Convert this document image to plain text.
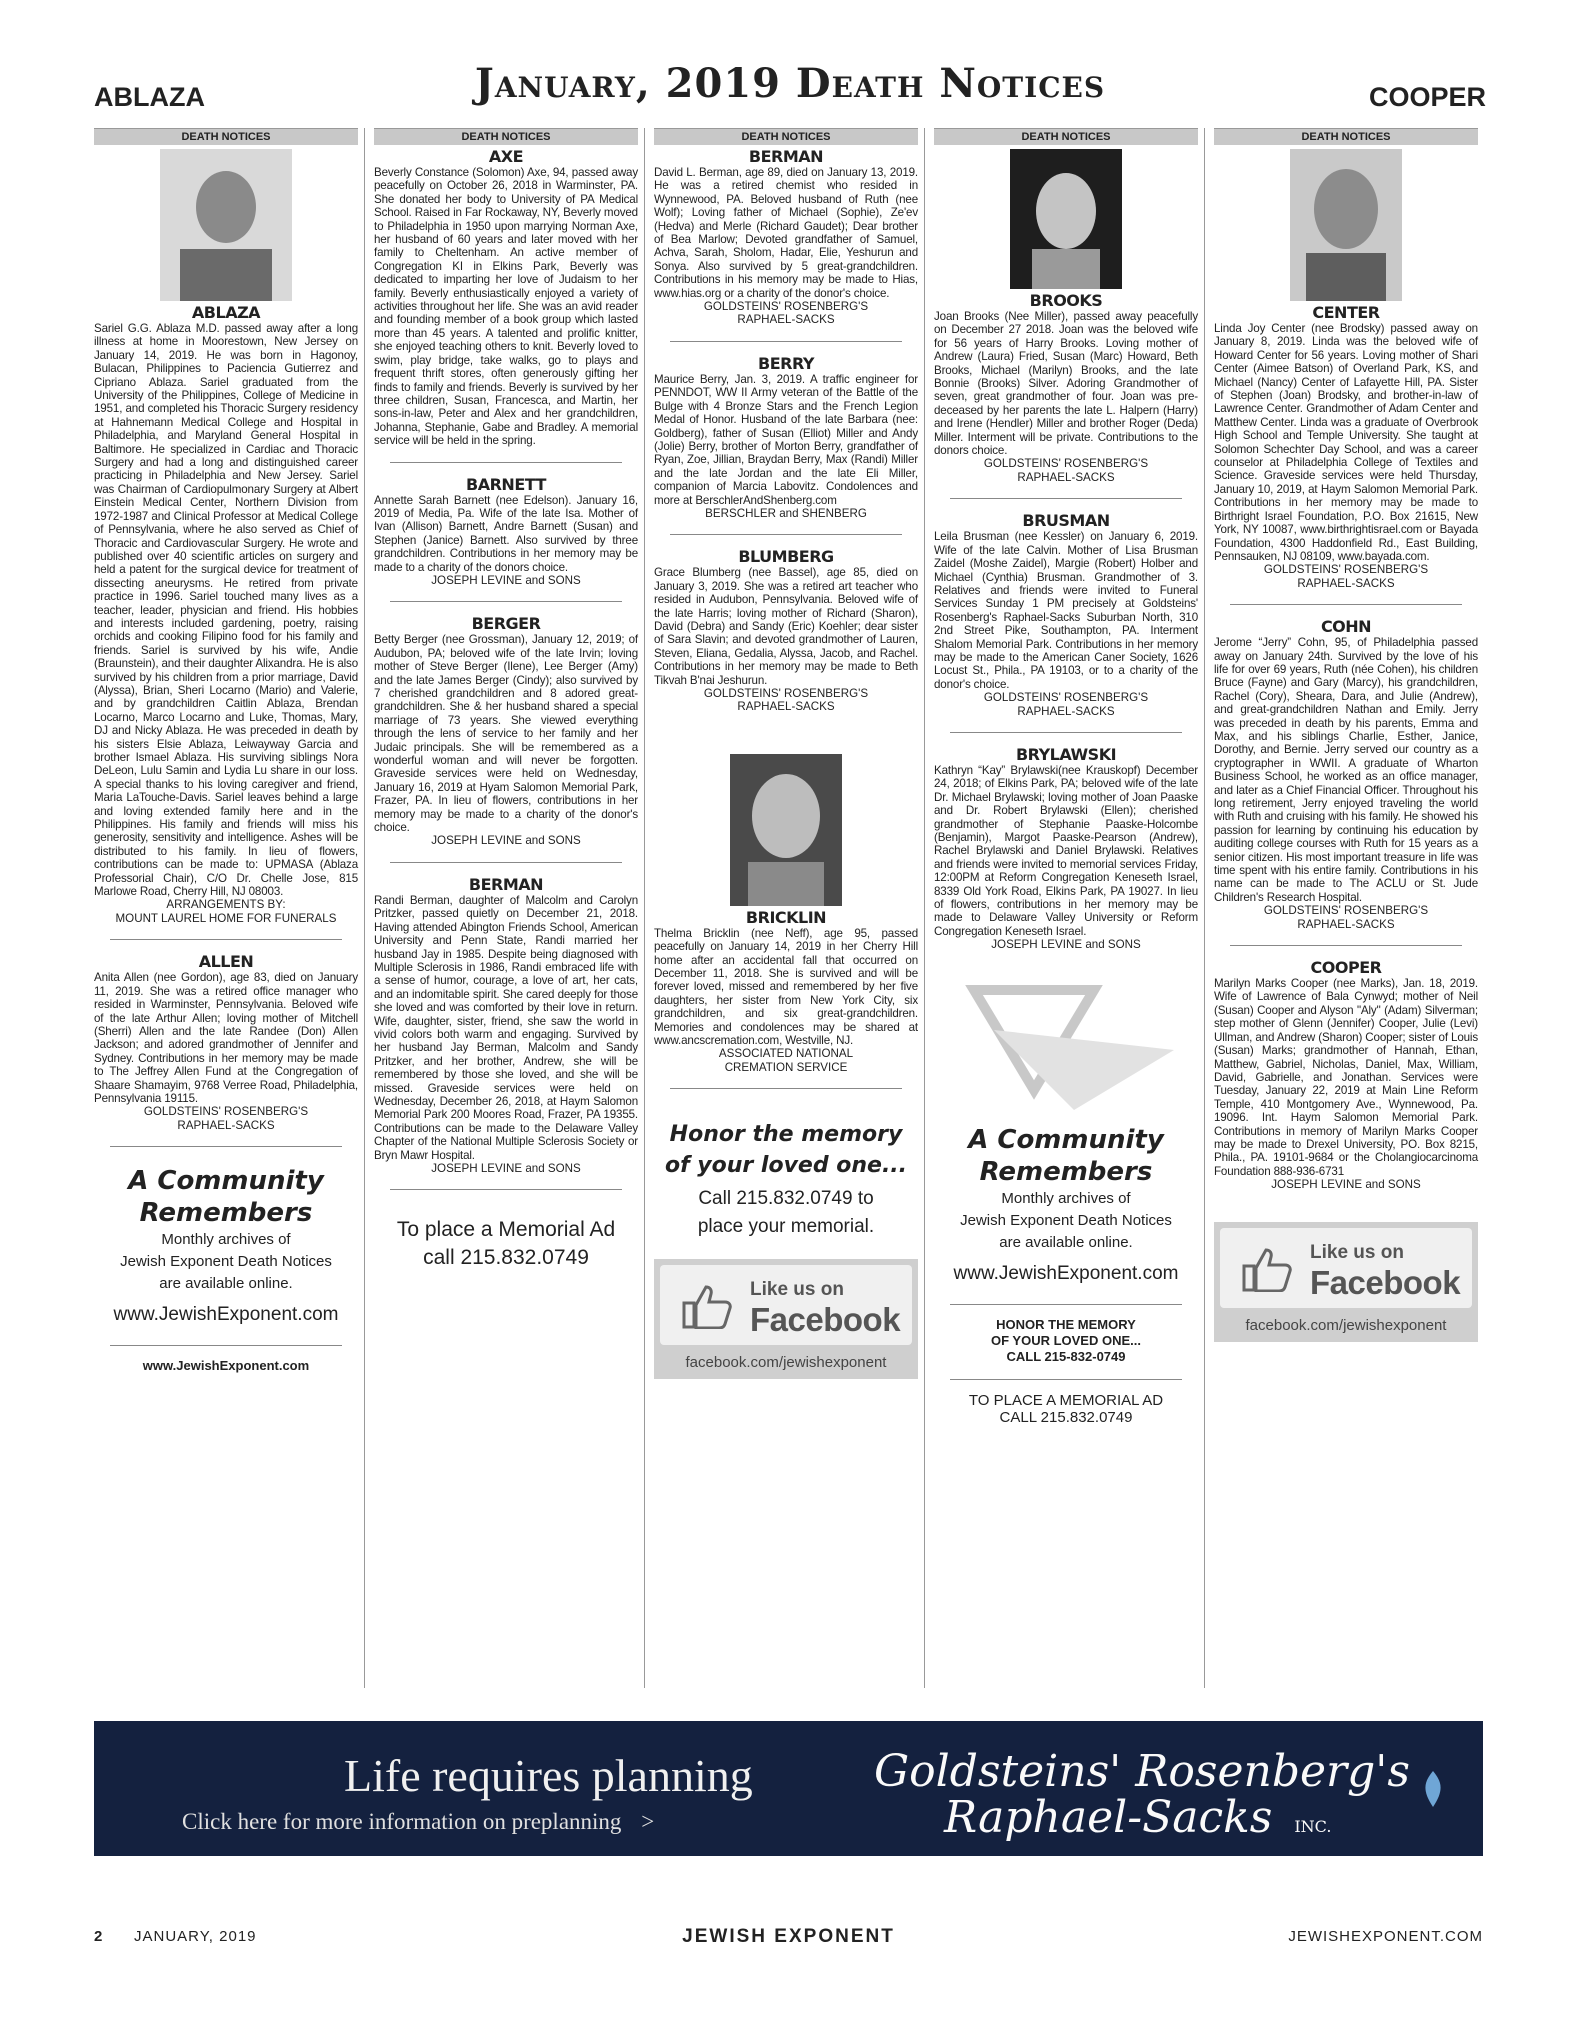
ABLAZA	January, 2019 Death Notices	COOPER
DEATH NOTICES
ABLAZA

Sariel G.G. Ablaza M.D. passed away after a long illness at home in Moorestown, New Jersey on January 14, 2019. He was born in Hagonoy, Bulacan, Philippines to Paciencia Gutierrez and Cipriano Ablaza. Sariel graduated from the University of the Philippines, College of Medicine in 1951, and completed his Thoracic Surgery residency at Hahnemann Medical College and Hospital in Philadelphia, and Maryland General Hospital in Baltimore. He specialized in Cardiac and Thoracic Surgery and had a long and distinguished career practicing in Philadelphia and New Jersey. Sariel was Chairman of Cardiopulmonary Surgery at Albert Einstein Medical Center, Northern Division from 1972-1987 and Clinical Professor at Medical College of Pennsylvania, where he also served as Chief of Thoracic and Cardiovascular Surgery. He wrote and published over 40 scientific articles on surgery and held a patent for the surgical device for treatment of dissecting aneurysms. He retired from private practice in 1996. Sariel touched many lives as a teacher, leader, physician and friend. His hobbies and interests included gardening, poetry, raising orchids and cooking Filipino food for his family and friends. Sariel is survived by his wife, Andie (Braunstein), and their daughter Alixandra. He is also survived by his children from a prior marriage, David (Alyssa), Brian, Sheri Locarno (Mario) and Valerie, and by grandchildren Caitlin Ablaza, Brendan Locarno, Marco Locarno and Luke, Thomas, Mary, DJ and Nicky Ablaza. He was preceded in death by his sisters Elsie Ablaza, Leiwayway Garcia and brother Ismael Ablaza. His surviving siblings Nora DeLeon, Lulu Samin and Lydia Lu share in our loss. A special thanks to his loving caregiver and friend, Maria LaTouche-Davis. Sariel leaves behind a large and loving extended family here and in the Philippines. His family and friends will miss his generosity, sensitivity and intelligence. Ashes will be distributed to his family. In lieu of flowers, contributions can be made to: UPMASA (Ablaza Professorial Chair), C/O Dr. Chelle Jose, 815 Marlowe Road, Cherry Hill, NJ 08003.

ARRANGEMENTS BY:

MOUNT LAUREL HOME FOR FUNERALS

ALLEN

Anita Allen (nee Gordon), age 83, died on January 11, 2019. She was a retired office manager who resided in Warminster, Pennsylvania. Beloved wife of the late Arthur Allen; loving mother of Mitchell (Sherri) Allen and the late Randee (Don) Allen Jackson; and adored grandmother of Jennifer and Sydney. Contributions in her memory may be made to The Jeffrey Allen Fund at the Congregation of Shaare Shamayim, 9768 Verree Road, Philadelphia, Pennsylvania 19115.

GOLDSTEINS' ROSENBERG'S

RAPHAEL-SACKS

A Community
Remembers
Monthly archives of
Jewish Exponent Death Notices
are available online.
www.JewishExponent.com
www.JewishExponent.com
DEATH NOTICES
AXE

Beverly Constance (Solomon) Axe, 94, passed away peacefully on October 26, 2018 in Warminster, PA. She donated her body to University of PA Medical School. Raised in Far Rockaway, NY, Beverly moved to Philadelphia in 1950 upon marrying Norman Axe, her husband of 60 years and later moved with her family to Cheltenham. An active member of Congregation KI in Elkins Park, Beverly was dedicated to imparting her love of Judaism to her family. Beverly enthusiastically enjoyed a variety of activities throughout her life. She was an avid reader and founding member of a book group which lasted more than 45 years. A talented and prolific knitter, she enjoyed teaching others to knit. Beverly loved to swim, play bridge, take walks, go to plays and frequent thrift stores, often generously gifting her finds to family and friends. Beverly is survived by her three children, Susan, Francesca, and Martin, her sons-in-law, Peter and Alex and her grandchildren, Johanna, Stephanie, Gabe and Bradley. A memorial service will be held in the spring.

BARNETT

Annette Sarah Barnett (nee Edelson). January 16, 2019 of Media, Pa. Wife of the late Isa. Mother of Ivan (Allison) Barnett, Andre Barnett (Susan) and Stephen (Janice) Barnett. Also survived by three grandchildren. Contributions in her memory may be made to a charity of the donors choice.

JOSEPH LEVINE and SONS

BERGER

Betty Berger (nee Grossman), January 12, 2019; of Audubon, PA; beloved wife of the late Irvin; loving mother of Steve Berger (Ilene), Lee Berger (Amy) and the late James Berger (Cindy); also survived by 7 cherished grandchildren and 8 adored great-grandchildren. She & her husband shared a special marriage of 73 years. She viewed everything through the lens of service to her family and her Judaic principals. She will be remembered as a wonderful woman and will never be forgotten. Graveside services were held on Wednesday, January 16, 2019 at Hyam Salomon Memorial Park, Frazer, PA. In lieu of flowers, contributions in her memory may be made to a charity of the donor's choice.

JOSEPH LEVINE and SONS

BERMAN

Randi Berman, daughter of Malcolm and Carolyn Pritzker, passed quietly on December 21, 2018. Having attended Abington Friends School, American University and Penn State, Randi married her husband Jay in 1985. Despite being diagnosed with Multiple Sclerosis in 1986, Randi embraced life with a sense of humor, courage, a love of art, her cats, and an indomitable spirit. She cared deeply for those she loved and was comforted by their love in return. Wife, daughter, sister, friend, she saw the world in vivid colors both warm and engaging. Survived by her husband Jay Berman, Malcolm and Sandy Pritzker, and her brother, Andrew, she will be remembered by those she loved, and she will be missed. Graveside services were held on Wednesday, December 26, 2018, at Haym Salomon Memorial Park 200 Moores Road, Frazer, PA 19355. Contributions can be made to the Delaware Valley Chapter of the National Multiple Sclerosis Society or Bryn Mawr Hospital.

JOSEPH LEVINE and SONS

To place a Memorial Ad
call 215.832.0749
DEATH NOTICES
BERMAN

David L. Berman, age 89, died on January 13, 2019. He was a retired chemist who resided in Wynnewood, PA. Beloved husband of Ruth (nee Wolf); Loving father of Michael (Sophie), Ze'ev (Hedva) and Merle (Richard Gaudet); Dear brother of Bea Marlow; Devoted grandfather of Samuel, Achva, Sarah, Sholom, Hadar, Elie, Yeshurun and Sonya. Also survived by 5 great-grandchildren. Contributions in his memory may be made to Hias, www.hias.org or a charity of the donor's choice.

GOLDSTEINS' ROSENBERG'S

RAPHAEL-SACKS

BERRY

Maurice Berry, Jan. 3, 2019. A traffic engineer for PENNDOT, WW II Army veteran of the Battle of the Bulge with 4 Bronze Stars and the French Legion Medal of Honor. Husband of the late Barbara (nee: Goldberg), father of Susan (Elliot) Miller and Andy (Jolie) Berry, brother of Morton Berry, grandfather of Ryan, Zoe, Jillian, Braydan Berry, Max (Randi) Miller and the late Jordan and the late Eli Miller, companion of Marcia Labovitz. Condolences and more at BerschlerAndShenberg.com

BERSCHLER and SHENBERG

BLUMBERG

Grace Blumberg (nee Bassel), age 85, died on January 3, 2019. She was a retired art teacher who resided in Audubon, Pennsylvania. Beloved wife of the late Harris; loving mother of Richard (Sharon), David (Debra) and Sandy (Eric) Koehler; dear sister of Sara Slavin; and devoted grandmother of Lauren, Steven, Eliana, Gedalia, Alyssa, Jacob, and Rachel. Contributions in her memory may be made to Beth Tikvah B'nai Jeshurun.

GOLDSTEINS' ROSENBERG'S

RAPHAEL-SACKS

BRICKLIN

Thelma Bricklin (nee Neff), age 95, passed peacefully on January 14, 2019 in her Cherry Hill home after an accidental fall that occurred on December 11, 2018. She is survived and will be forever loved, missed and remembered by her five daughters, her sister from New York City, six grandchildren, and six great-grandchildren. Memories and condolences may be shared at www.ancscremation.com, Westville, NJ.

ASSOCIATED NATIONAL

CREMATION SERVICE

Honor the memory
of your loved one...
Call 215.832.0749 to
place your memorial.
Like us on
Facebook
facebook.com/jewishexponent
DEATH NOTICES
BROOKS

Joan Brooks (Nee Miller), passed away peacefully on December 27 2018. Joan was the beloved wife for 56 years of Harry Brooks. Loving mother of Andrew (Laura) Fried, Susan (Marc) Howard, Beth Brooks, Michael (Marilyn) Brooks, and the late Bonnie (Brooks) Silver. Adoring Grandmother of seven, great grandmother of four. Joan was pre-deceased by her parents the late L. Halpern (Harry) and Irene (Hendler) Miller and brother Roger (Deda) Miller. Interment will be private. Contributions to the donors choice.

GOLDSTEINS' ROSENBERG'S

RAPHAEL-SACKS

BRUSMAN

Leila Brusman (nee Kessler) on January 6, 2019. Wife of the late Calvin. Mother of Lisa Brusman Zaidel (Moshe Zaidel), Margie (Robert) Holber and Michael (Cynthia) Brusman. Grandmother of 3. Relatives and friends were invited to Funeral Services Sunday 1 PM precisely at Goldsteins' Rosenberg's Raphael-Sacks Suburban North, 310 2nd Street Pike, Southampton, PA. Interment Shalom Memorial Park. Contributions in her memory may be made to the American Caner Society, 1626 Locust St., Phila., PA 19103, or to a charity of the donor's choice.

GOLDSTEINS' ROSENBERG'S

RAPHAEL-SACKS

BRYLAWSKI

Kathryn “Kay” Brylawski(nee Krauskopf) December 24, 2018; of Elkins Park, PA; beloved wife of the late Dr. Michael Brylawski; loving mother of Joan Paaske and Dr. Robert Brylawski (Ellen); cherished grandmother of Stephanie Paaske-Holcombe (Benjamin), Margot Paaske-Pearson (Andrew), Rachel Brylawski and Daniel Brylawski. Relatives and friends were invited to memorial services Friday, 12:00PM at Reform Congregation Keneseth Israel, 8339 Old York Road, Elkins Park, PA 19027. In lieu of flowers, contributions in her memory may be made to Delaware Valley University or Reform Congregation Keneseth Israel.

JOSEPH LEVINE and SONS

A Community
Remembers
Monthly archives of
Jewish Exponent Death Notices
are available online.
www.JewishExponent.com
HONOR THE MEMORY
OF YOUR LOVED ONE...
CALL 215-832-0749
TO PLACE A MEMORIAL AD
CALL 215.832.0749
DEATH NOTICES
CENTER

Linda Joy Center (nee Brodsky) passed away on January 8, 2019. Linda was the beloved wife of Howard Center for 56 years. Loving mother of Shari Center (Aimee Batson) of Overland Park, KS, and Michael (Nancy) Center of Lafayette Hill, PA. Sister of Stephen (Joan) Brodsky, and brother-in-law of Lawrence Center. Grandmother of Adam Center and Matthew Center. Linda was a graduate of Overbrook High School and Temple University. She taught at Solomon Schechter Day School, and was a career counselor at Philadelphia College of Textiles and Science. Graveside services were held Thursday, January 10, 2019, at Haym Salomon Memorial Park. Contributions in her memory may be made to Birthright Israel Foundation, P.O. Box 21615, New York, NY 10087, www.birthrightisrael.com or Bayada Foundation, 4300 Haddonfield Rd., East Building, Pennsauken, NJ 08109, www.bayada.com.

GOLDSTEINS' ROSENBERG'S

RAPHAEL-SACKS

COHN

Jerome “Jerry” Cohn, 95, of Philadelphia passed away on January 24th. Survived by the love of his life for over 69 years, Ruth (née Cohen), his children Bruce (Fayne) and Gary (Marcy), his grandchildren, Rachel (Cory), Sheara, Dara, and Julie (Andrew), and great-grandchildren Nathan and Emily. Jerry was preceded in death by his parents, Emma and Max, and his siblings Charlie, Esther, Janice, Dorothy, and Bernie. Jerry served our country as a cryptographer in WWII. A graduate of Wharton Business School, he worked as an office manager, and later as a Chief Financial Officer. Throughout his long retirement, Jerry enjoyed traveling the world with Ruth and cruising with his family. He showed his passion for learning by continuing his education by auditing college courses with Ruth for 15 years as a senior citizen. His most important treasure in life was time spent with his entire family. Contributions in his name can be made to The ACLU or St. Jude Children's Research Hospital.

GOLDSTEINS' ROSENBERG'S

RAPHAEL-SACKS

COOPER

Marilyn Marks Cooper (nee Marks), Jan. 18, 2019. Wife of Lawrence of Bala Cynwyd; mother of Neil (Susan) Cooper and Alyson "Aly" (Adam) Silverman; step mother of Glenn (Jennifer) Cooper, Julie (Levi) Ullman, and Andrew (Sharon) Cooper; sister of Louis (Susan) Marks; grandmother of Hannah, Ethan, Matthew, Gabriel, Nicholas, Daniel, Max, William, David, Gabrielle, and Jonathan. Services were Tuesday, January 22, 2019 at Main Line Reform Temple, 410 Montgomery Ave., Wynnewood, Pa. 19096. Int. Haym Salomon Memorial Park. Contributions in memory of Marilyn Marks Cooper may be made to Drexel University, PO. Box 8215, Phila., PA. 19101-9684 or the Cholangiocarcinoma Foundation 888-936-6731

JOSEPH LEVINE and SONS

Like us on
Facebook
facebook.com/jewishexponent
Life requires planning
Click here for more information on preplanning >
Goldsteins' Rosenberg's
Raphael-Sacks INC.
2 JANUARY, 2019	JEWISH EXPONENT	JEWISHEXPONENT.COM
